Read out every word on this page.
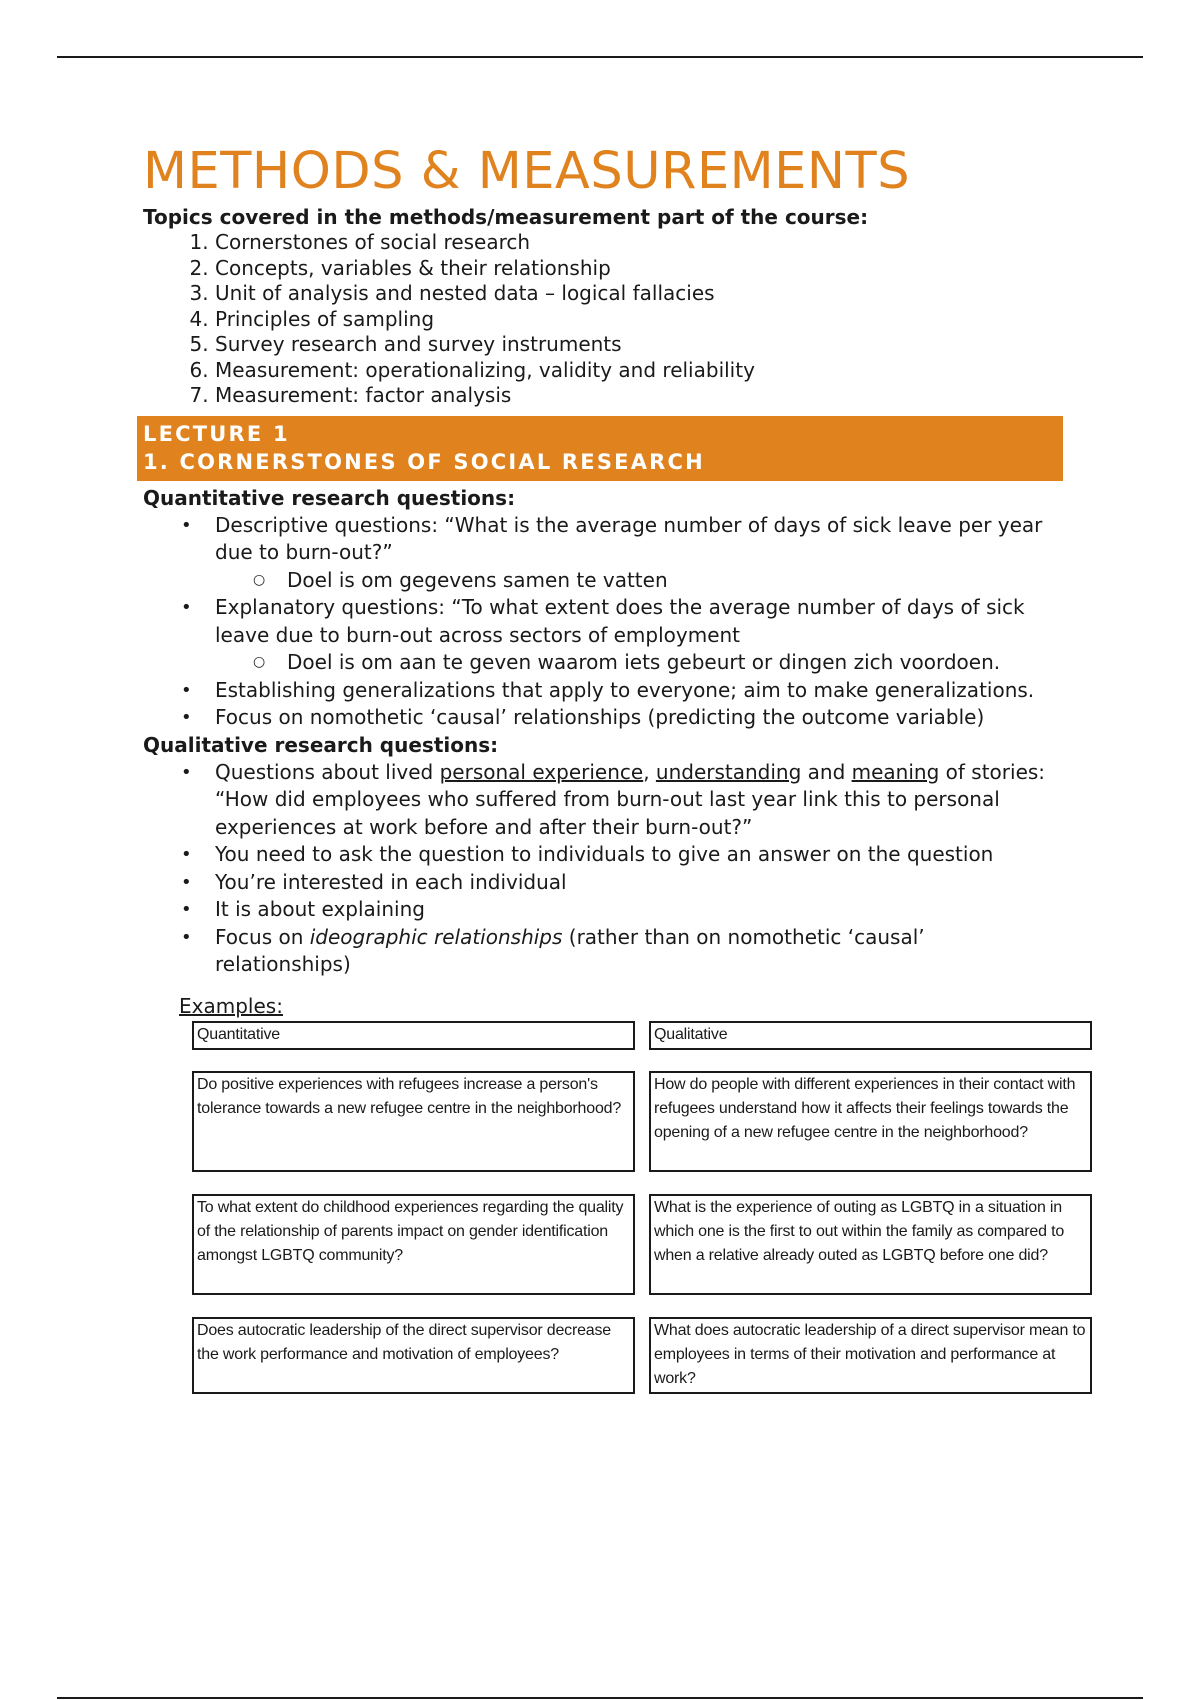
METHODS & MEASUREMENTS

Topics covered in the methods/measurement part of the course:

1. Cornerstones of social research
2. Concepts, variables & their relationship
3. Unit of analysis and nested data – logical fallacies
4. Principles of sampling
5. Survey research and survey instruments
6. Measurement: operationalizing, validity and reliability
7. Measurement: factor analysis
LECTURE 1
1. CORNERSTONES OF SOCIAL RESEARCH

Quantitative research questions:

• Descriptive questions: “What is the average number of days of sick leave per year due to burn-out?”
○ Doel is om gegevens samen te vatten
• Explanatory questions: “To what extent does the average number of days of sick leave due to burn-out across sectors of employment
○ Doel is om aan te geven waarom iets gebeurt or dingen zich voordoen.
• Establishing generalizations that apply to everyone; aim to make generalizations.
• Focus on nomothetic ‘causal’ relationships (predicting the outcome variable)

Qualitative research questions:

• Questions about lived personal experience, understanding and meaning of stories: “How did employees who suffered from burn-out last year link this to personal experiences at work before and after their burn-out?”
• You need to ask the question to individuals to give an answer on the question
• You’re interested in each individual
• It is about explaining
• Focus on ideographic relationships (rather than on nomothetic ‘causal’ relationships)
Examples:
Quantitative	Qualitative
Do positive experiences with refugees increase a person's tolerance towards a new refugee centre in the neighborhood?
How do people with different experiences in their contact with refugees understand how it affects their feelings towards the opening of a new refugee centre in the neighborhood?
To what extent do childhood experiences regarding the quality of the relationship of parents impact on gender identification amongst LGBTQ community?
What is the experience of outing as LGBTQ in a situation in which one is the first to out within the family as compared to when a relative already outed as LGBTQ before one did?
Does autocratic leadership of the direct supervisor decrease the work performance and motivation of employees?
What does autocratic leadership of a direct supervisor mean to employees in terms of their motivation and performance at work?
